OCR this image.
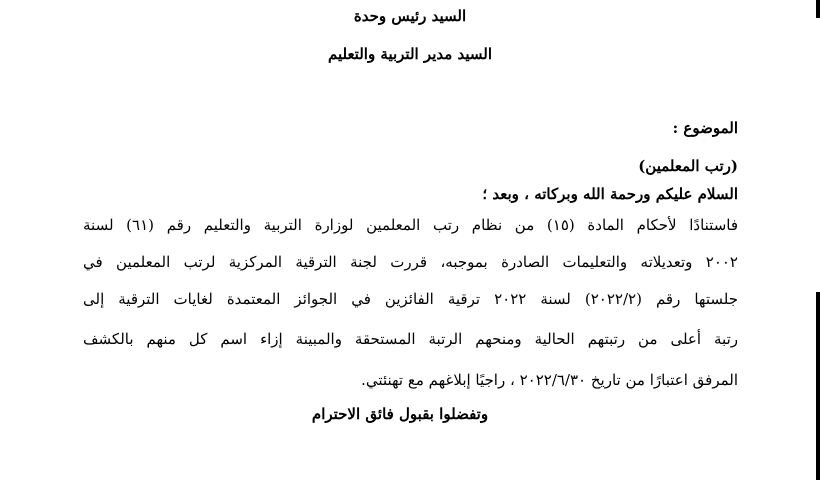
السيد رئيس وحدة
السيد مدير التربية والتعليم
الموضوع :
(رتب المعلمين)
السلام عليكم ورحمة الله وبركاته ، وبعد ؛
فاستنادًا لأحكام المادة (١٥) من نظام رتب المعلمين لوزارة التربية والتعليم رقم (٦١) لسنة
٢٠٠٢ وتعديلاته والتعليمات الصادرة بموجبه، قررت لجنة الترقية المركزية لرتب المعلمين في
جلستها رقم (٢٠٢٢/٢) لسنة ٢٠٢٢ ترقية الفائزين في الجوائز المعتمدة لغايات الترقية إلى
رتبة أعلى من رتبتهم الحالية ومنحهم الرتبة المستحقة والمبينة إزاء اسم كل منهم بالكشف
المرفق اعتبارًا من تاريخ ٢٠٢٢/٦/٣٠ ، راجيًا إبلاغهم مع تهنئتي.
وتفضلوا بقبول فائق الاحترام
